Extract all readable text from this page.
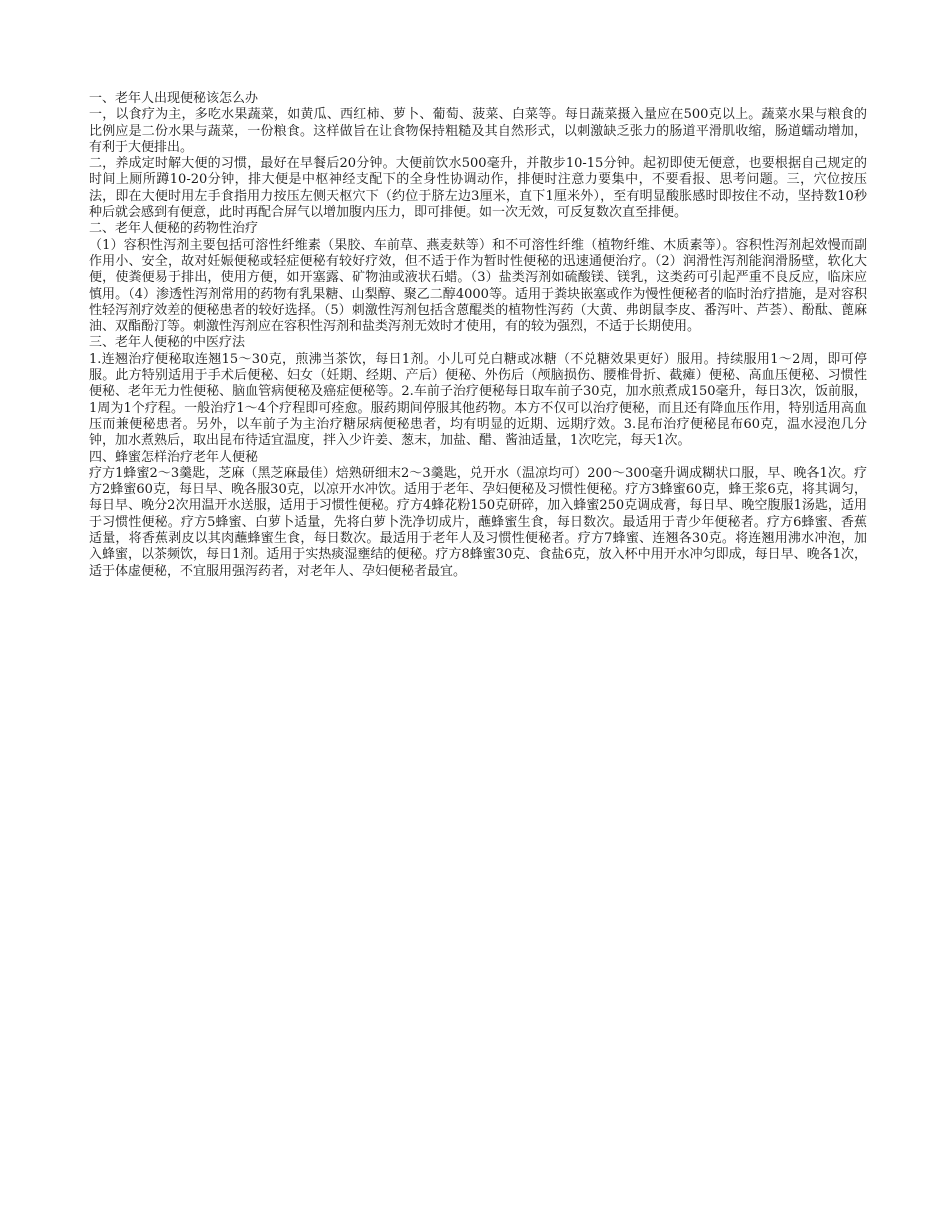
一、老年人出现便秘该怎么办
一，以食疗为主，多吃水果蔬菜，如黄瓜、西红柿、萝卜、葡萄、菠菜、白菜等。每日蔬菜摄入量应在500克以上。蔬菜水果与粮食的比例应是二份水果与蔬菜，一份粮食。这样做旨在让食物保持粗糙及其自然形式，以刺激缺乏张力的肠道平滑肌收缩，肠道蠕动增加，有利于大便排出。
二，养成定时解大便的习惯，最好在早餐后20分钟。大便前饮水500毫升，并散步10-15分钟。起初即使无便意，也要根据自己规定的时间上厕所蹲10-20分钟，排大便是中枢神经支配下的全身性协调动作，排便时注意力要集中，不要看报、思考问题。三，穴位按压法，即在大便时用左手食指用力按压左侧天枢穴下（约位于脐左边3厘米，直下1厘米外），至有明显酸胀感时即按住不动，坚持数10秒种后就会感到有便意，此时再配合屏气以增加腹内压力，即可排便。如一次无效，可反复数次直至排便。
二、老年人便秘的药物性治疗
（1）容积性泻剂主要包括可溶性纤维素（果胶、车前草、燕麦麸等）和不可溶性纤维（植物纤维、木质素等）。容积性泻剂起效慢而副作用小、安全，故对妊娠便秘或轻症便秘有较好疗效，但不适于作为暂时性便秘的迅速通便治疗。（2）润滑性泻剂能润滑肠壁，软化大便，使粪便易于排出，使用方便，如开塞露、矿物油或液状石蜡。（3）盐类泻剂如硫酸镁、镁乳，这类药可引起严重不良反应，临床应慎用。（4）渗透性泻剂常用的药物有乳果糖、山梨醇、聚乙二醇4000等。适用于粪块嵌塞或作为慢性便秘者的临时治疗措施，是对容积性轻泻剂疗效差的便秘患者的较好选择。（5）刺激性泻剂包括含蒽醌类的植物性泻药（大黄、弗朗鼠李皮、番泻叶、芦荟）、酚酞、蓖麻油、双酯酚汀等。刺激性泻剂应在容积性泻剂和盐类泻剂无效时才使用，有的较为强烈，不适于长期使用。
三、老年人便秘的中医疗法
1.连翘治疗便秘取连翘15～30克，煎沸当茶饮，每日1剂。小儿可兑白糖或冰糖（不兑糖效果更好）服用。持续服用1～2周，即可停服。此方特别适用于手术后便秘、妇女（妊期、经期、产后）便秘、外伤后（颅脑损伤、腰椎骨折、截瘫）便秘、高血压便秘、习惯性便秘、老年无力性便秘、脑血管病便秘及癌症便秘等。2.车前子治疗便秘每日取车前子30克，加水煎煮成150毫升，每日3次，饭前服，1周为1个疗程。一般治疗1～4个疗程即可痊愈。服药期间停服其他药物。本方不仅可以治疗便秘，而且还有降血压作用，特别适用高血压而兼便秘患者。另外，以车前子为主治疗糖尿病便秘患者，均有明显的近期、远期疗效。3.昆布治疗便秘昆布60克，温水浸泡几分钟，加水煮熟后，取出昆布待适宜温度，拌入少许姜、葱末，加盐、醋、酱油适量，1次吃完，每天1次。
四、蜂蜜怎样治疗老年人便秘
疗方1蜂蜜2～3羹匙，芝麻（黑芝麻最佳）焙熟研细末2～3羹匙，兑开水（温凉均可）200～300毫升调成糊状口服，早、晚各1次。疗方2蜂蜜60克，每日早、晚各服30克，以凉开水冲饮。适用于老年、孕妇便秘及习惯性便秘。疗方3蜂蜜60克，蜂王浆6克，将其调匀，每日早、晚分2次用温开水送服，适用于习惯性便秘。疗方4蜂花粉150克研碎，加入蜂蜜250克调成膏，每日早、晚空腹服1汤匙，适用于习惯性便秘。疗方5蜂蜜、白萝卜适量，先将白萝卜洗净切成片，蘸蜂蜜生食，每日数次。最适用于青少年便秘者。疗方6蜂蜜、香蕉适量，将香蕉剥皮以其肉蘸蜂蜜生食，每日数次。最适用于老年人及习惯性便秘者。疗方7蜂蜜、连翘各30克。将连翘用沸水冲泡，加入蜂蜜，以茶频饮，每日1剂。适用于实热痰湿壅结的便秘。疗方8蜂蜜30克、食盐6克，放入杯中用开水冲匀即成，每日早、晚各1次，适于体虚便秘，不宜服用强泻药者，对老年人、孕妇便秘者最宜。
